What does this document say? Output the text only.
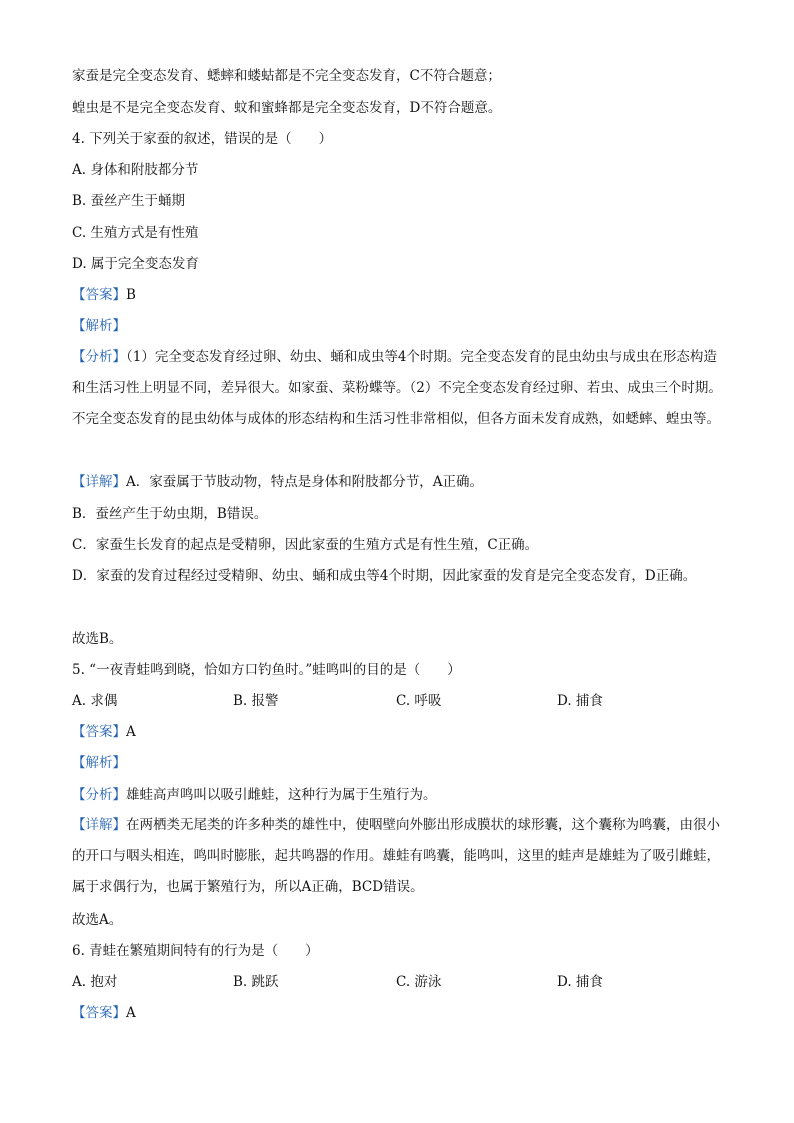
家蚕是完全变态发育、蟋蟀和蝼蛄都是不完全变态发育，C不符合题意；
蝗虫是不是完全变态发育、蚊和蜜蜂都是完全变态发育，D不符合题意。
4. 下列关于家蚕的叙述，错误的是（　　）
A. 身体和附肢都分节
B. 蚕丝产生于蛹期
C. 生殖方式是有性殖
D. 属于完全变态发育
【答案】B
【解析】
【分析】（1）完全变态发育经过卵、幼虫、蛹和成虫等4个时期。完全变态发育的昆虫幼虫与成虫在形态构造和生活习性上明显不同，差异很大。如家蚕、菜粉蝶等。（2）不完全变态发育经过卵、若虫、成虫三个时期。不完全变态发育的昆虫幼体与成体的形态结构和生活习性非常相似，但各方面未发育成熟，如蟋蟀、蝗虫等。
【详解】A．家蚕属于节肢动物，特点是身体和附肢都分节，A正确。
B．蚕丝产生于幼虫期，B错误。
C．家蚕生长发育的起点是受精卵，因此家蚕的生殖方式是有性生殖，C正确。
D．家蚕的发育过程经过受精卵、幼虫、蛹和成虫等4个时期，因此家蚕的发育是完全变态发育，D正确。
故选B。
5. “一夜青蛙鸣到晓，恰如方口钓鱼时。”蛙鸣叫的目的是（　　）
A. 求偶	B. 报警	C. 呼吸	D. 捕食
【答案】A
【解析】
【分析】雄蛙高声鸣叫以吸引雌蛙，这种行为属于生殖行为。
【详解】在两栖类无尾类的许多种类的雄性中，使咽壁向外膨出形成膜状的球形囊，这个囊称为鸣囊，由很小的开口与咽头相连，鸣叫时膨胀，起共鸣器的作用。雄蛙有鸣囊，能鸣叫，这里的蛙声是雄蛙为了吸引雌蛙，属于求偶行为，也属于繁殖行为，所以A正确，BCD错误。
故选A。
6. 青蛙在繁殖期间特有的行为是（　　）
A. 抱对	B. 跳跃	C. 游泳	D. 捕食
【答案】A
